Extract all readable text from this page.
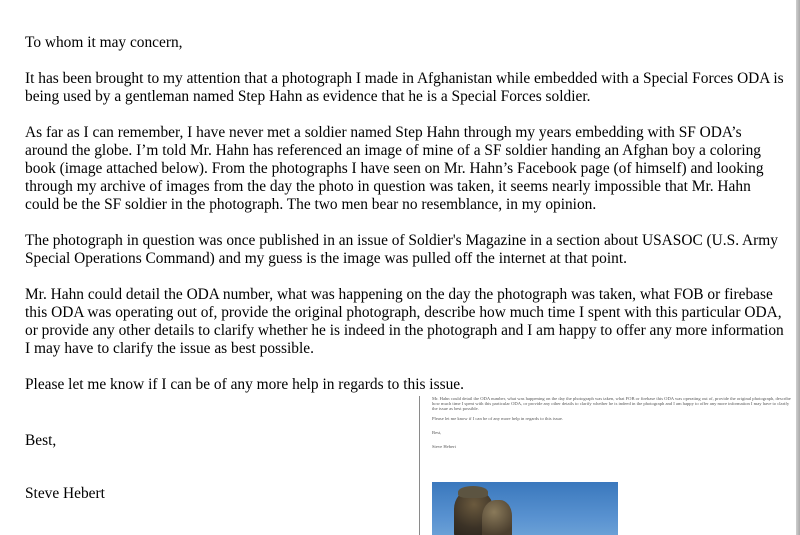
To whom it may concern,

It has been brought to my attention that a photograph I made in Afghanistan while embedded with a Special Forces ODA is being used by a gentleman named Step Hahn as evidence that he is a Special Forces soldier.

As far as I can remember, I have never met a soldier named Step Hahn through my years embedding with SF ODA’s around the globe. I’m told Mr. Hahn has referenced an image of mine of a SF soldier handing an Afghan boy a coloring book (image attached below). From the photographs I have seen on Mr. Hahn’s Facebook page (of himself) and looking through my archive of images from the day the photo in question was taken, it seems nearly impossible that Mr. Hahn could be the SF soldier in the photograph. The two men bear no resemblance, in my opinion.

The photograph in question was once published in an issue of Soldier's Magazine in a section about USASOC (U.S. Army Special Operations Command) and my guess is the image was pulled off the internet at that point.

Mr. Hahn could detail the ODA number, what was happening on the day the photograph was taken, what FOB or firebase this ODA was operating out of, provide the original photograph, describe how much time I spent with this particular ODA, or provide any other details to clarify whether he is indeed in the photograph and I am happy to offer any more information I may have to clarify the issue as best possible.

Please let me know if I can be of any more help in regards to this issue.

Best,
Steve Hebert

Mr. Hahn could detail the ODA number, what was happening on the day the photograph was taken, what FOB or firebase this ODA was operating out of, provide the original photograph, describe how much time I spent with this particular ODA, or provide any other details to clarify whether he is indeed in the photograph and I am happy to offer any more information I may have to clarify the issue as best possible.

Please let me know if I can be of any more help in regards to this issue.

Best,

Steve Hebert
